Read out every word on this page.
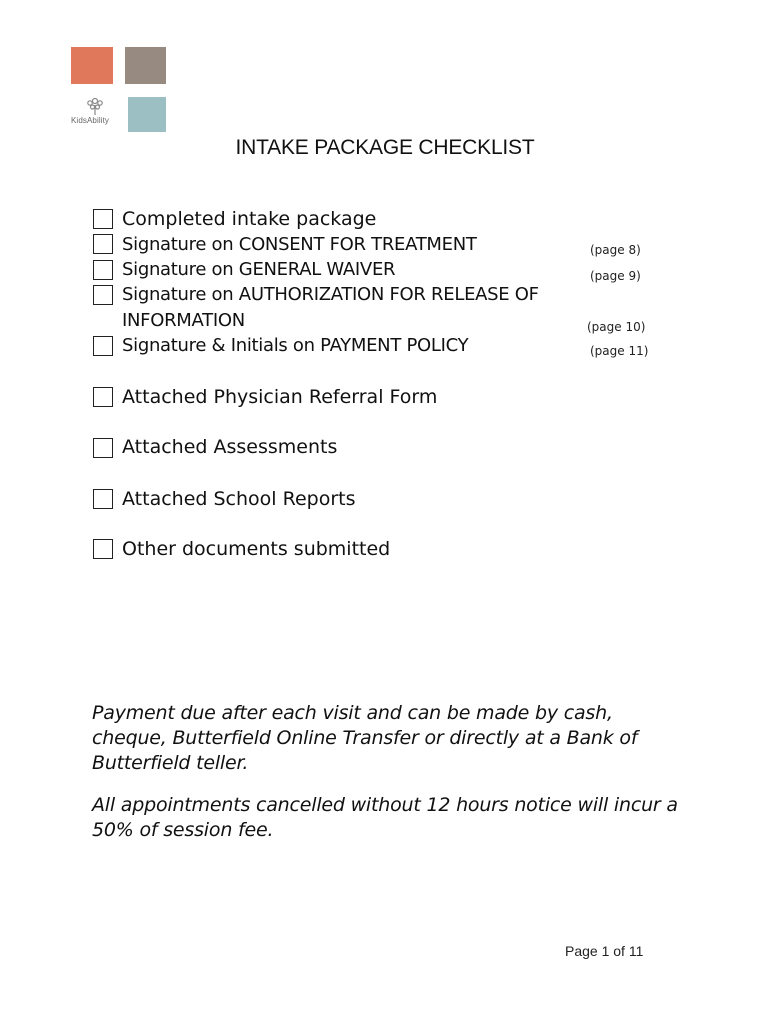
KidsAbility
INTAKE PACKAGE CHECKLIST
Completed intake package
Signature on CONSENT FOR TREATMENT	(page 8)
Signature on GENERAL WAIVER	(page 9)
Signature on AUTHORIZATION FOR RELEASE OF
INFORMATION	(page 10)
Signature & Initials on PAYMENT POLICY	(page 11)
Attached Physician Referral Form
Attached Assessments
Attached School Reports
Other documents submitted
Payment due after each visit and can be made by cash, cheque, Butterfield Online Transfer or directly at a Bank of Butterfield teller.
All appointments cancelled without 12 hours notice will incur a 50% of session fee.
Page 1 of 11
